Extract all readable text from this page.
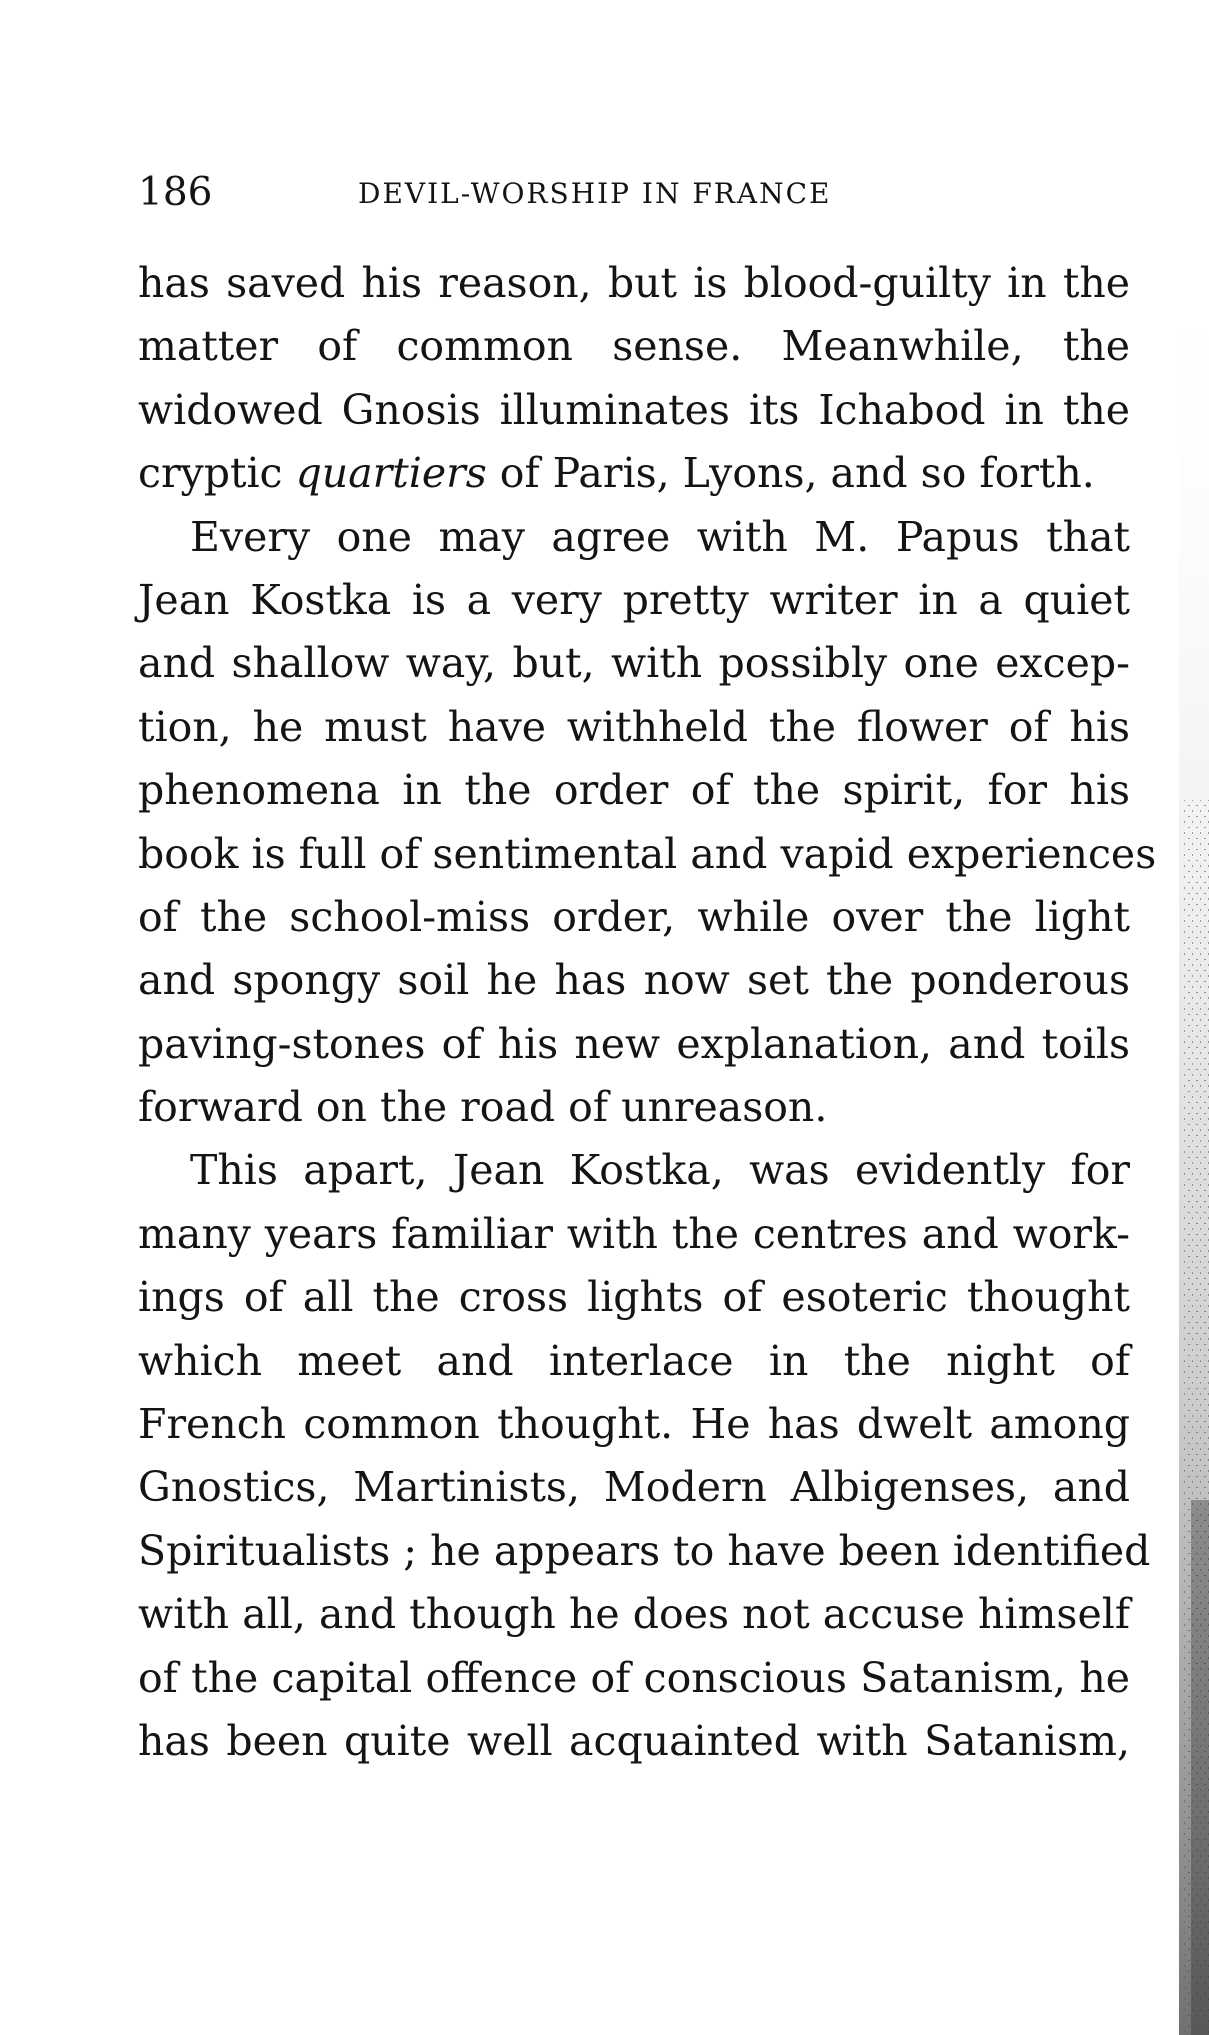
186	DEVIL-WORSHIP IN FRANCE
has saved his reason, but is blood-guilty in the
matter of common sense. Meanwhile, the
widowed Gnosis illuminates its Ichabod in the
cryptic quartiers of Paris, Lyons, and so forth.
Every one may agree with M. Papus that
Jean Kostka is a very pretty writer in a quiet
and shallow way, but, with possibly one excep-
tion, he must have withheld the flower of his
phenomena in the order of the spirit, for his
book is full of sentimental and vapid experiences
of the school-miss order, while over the light
and spongy soil he has now set the ponderous
paving-stones of his new explanation, and toils
forward on the road of unreason.
This apart, Jean Kostka, was evidently for
many years familiar with the centres and work-
ings of all the cross lights of esoteric thought
which meet and interlace in the night of
French common thought. He has dwelt among
Gnostics, Martinists, Modern Albigenses, and
Spiritualists ; he appears to have been identified
with all, and though he does not accuse himself
of the capital offence of conscious Satanism, he
has been quite well acquainted with Satanism,
